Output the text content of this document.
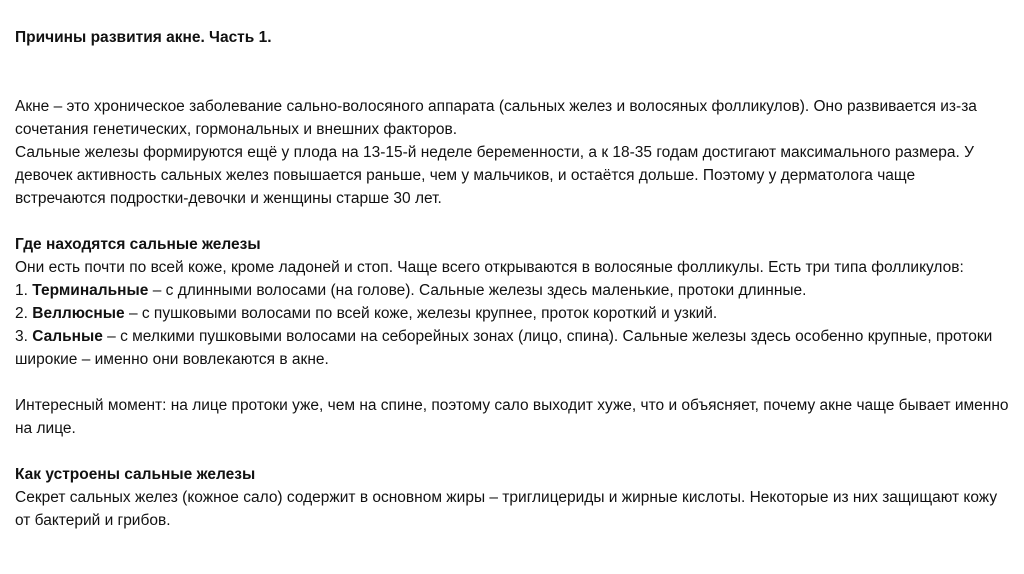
Причины развития акне. Часть 1.

Акне – это хроническое заболевание сально-волосяного аппарата (сальных желез и волосяных фолликулов). Оно развивается из-за сочетания генетических, гормональных и внешних факторов.

Сальные железы формируются ещё у плода на 13-15-й неделе беременности, а к 18-35 годам достигают максимального размера. У девочек активность сальных желез повышается раньше, чем у мальчиков, и остаётся дольше. Поэтому у дерматолога чаще встречаются подростки-девочки и женщины старше 30 лет.

Где находятся сальные железы

Они есть почти по всей коже, кроме ладоней и стоп. Чаще всего открываются в волосяные фолликулы. Есть три типа фолликулов:

1. Терминальные – с длинными волосами (на голове). Сальные железы здесь маленькие, протоки длинные.

2. Веллюсные – с пушковыми волосами по всей коже, железы крупнее, проток короткий и узкий.

3. Сальные – с мелкими пушковыми волосами на себорейных зонах (лицо, спина). Сальные железы здесь особенно крупные, протоки широкие – именно они вовлекаются в акне.

Интересный момент: на лице протоки уже, чем на спине, поэтому сало выходит хуже, что и объясняет, почему акне чаще бывает именно на лице.

Как устроены сальные железы

Секрет сальных желез (кожное сало) содержит в основном жиры – триглицериды и жирные кислоты. Некоторые из них защищают кожу от бактерий и грибов.
